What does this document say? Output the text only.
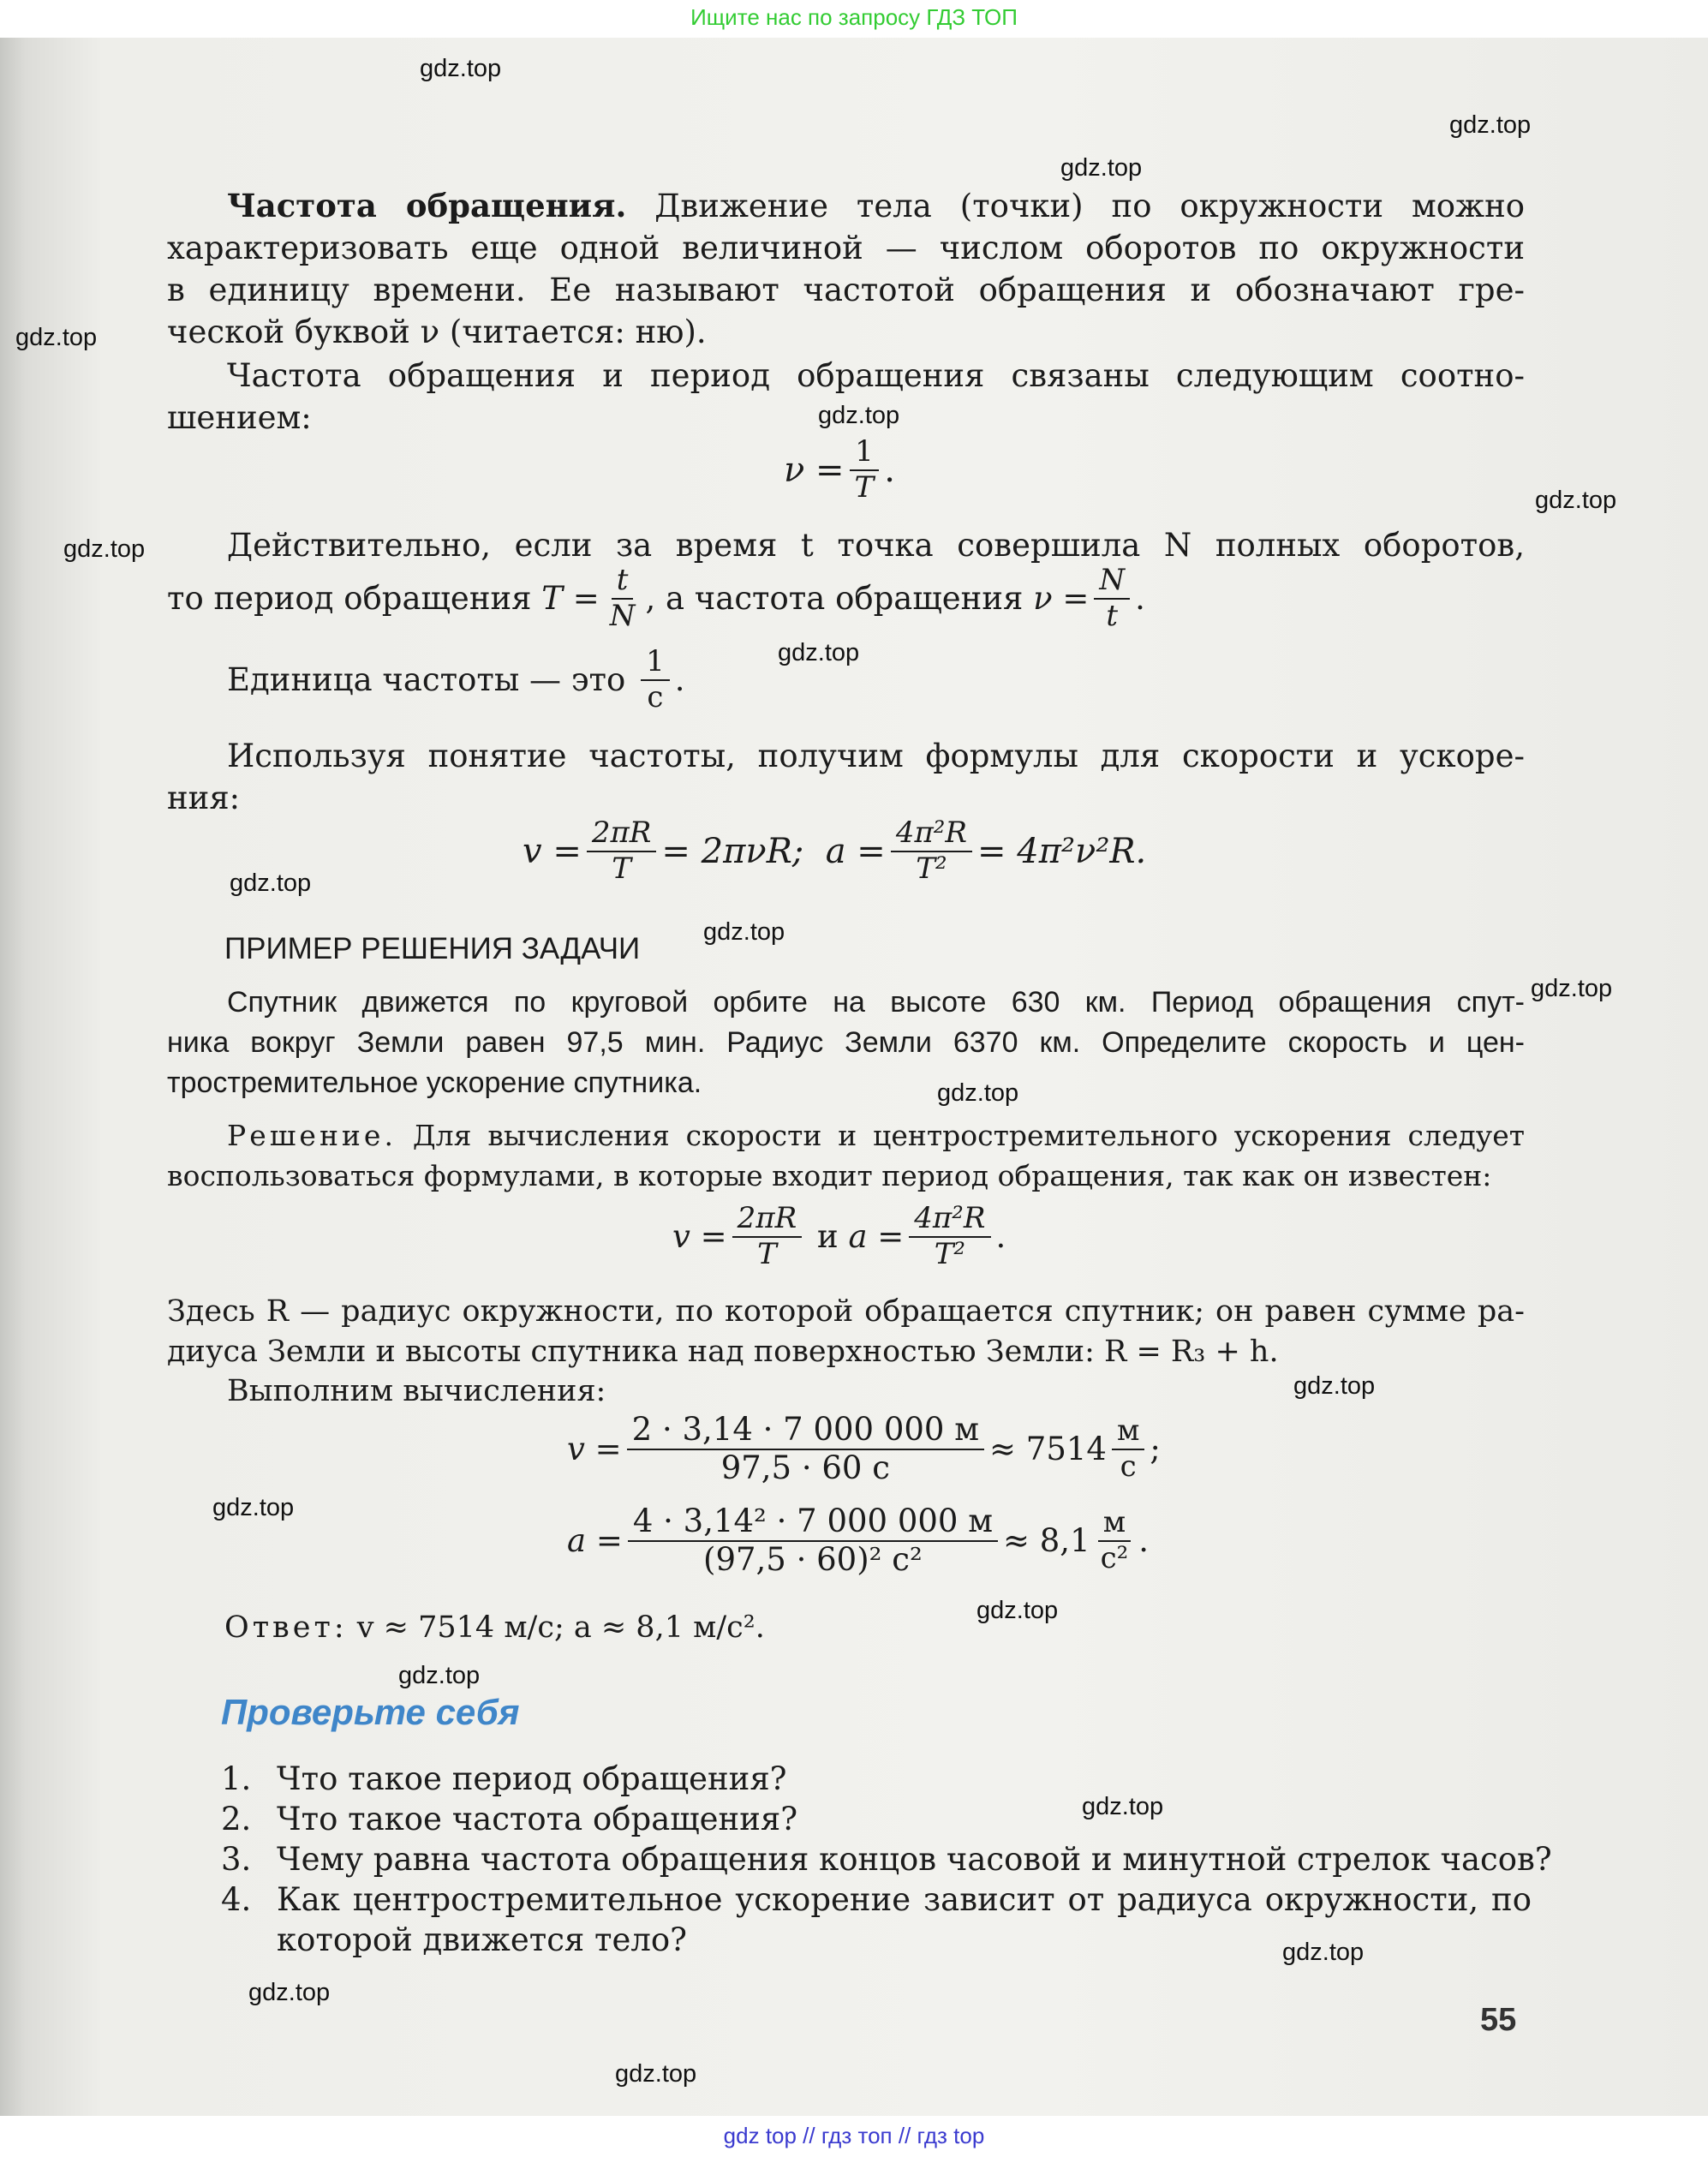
Ищите нас по запросу ГДЗ ТОП
gdz.top
gdz.top
gdz.top
gdz.top
gdz.top
gdz.top
gdz.top
gdz.top
gdz.top
gdz.top
gdz.top
gdz.top
gdz.top
gdz.top
gdz.top
gdz.top
gdz.top
gdz.top
gdz.top
gdz.top
Частота обращения. Движение тела (точки) по окружности можно
характеризовать еще одной величиной — числом оборотов по окружности
в единицу времени. Ее называют частотой обращения и обозначают гре-
ческой буквой ν (читается: ню).
Частота обращения и период обращения связаны следующим соотно-
шением:
$\nu = \frac{1}{T}$ .
Действительно, если за время t точка совершила N полных оборотов,
то период обращения
$T = \frac{t}{N}$ , а частота обращения
$\nu = \frac{N}{t}$ .
Единица частоты — это
$\frac{1}{с}$ .
Используя понятие частоты, получим формулы для скорости и ускоре-
ния:
$v = \frac{2\pi R}{T} = 2\pi\nu R$;
$a = \frac{\text{4π²R}}{\text{T²}} = 4\pi^2\nu^2R$.
ПРИМЕР РЕШЕНИЯ ЗАДАЧИ
Спутник движется по круговой орбите на высоте 630 км. Период обращения спут-
ника вокруг Земли равен 97,5 мин. Радиус Земли 6370 км. Определите скорость и цен-
тростремительное ускорение спутника.
Решение. Для вычисления скорости и центростремительного ускорения следует
воспользоваться формулами, в которые входит период обращения, так как он известен:
$v = \frac{2\pi R}{T}$
и
$a = \frac{\text{4π²R}}{\text{T²}}$ .
Здесь R — радиус окружности, по которой обращается спутник; он равен сумме ра-
диуса Земли и высоты спутника над поверхностью Земли: R = R₃ + h.
Выполним вычисления:
$v = \frac{2 \cdot 3,14 \cdot 7 000 000 м}{97,5 \cdot 60 с} \approx 7514 \frac{м}{с}$ ;
$a = \frac{\text{4 · 3,14² · 7 000 000 м}}{\text{(97,5 · 60)² с²}} \approx 8,1 \frac{м}{\text{с²}}$ .
Ответ: v ≈ 7514 м/с; a ≈ 8,1 м/с².
Проверьте себя
1. Что такое период обращения?
2. Что такое частота обращения?
3. Чему равна частота обращения концов часовой и минутной стрелок часов?
4. Как центростремительное ускорение зависит от радиуса окружности, по которой движется тело?
55
gdz top // гдз топ // гдз top
